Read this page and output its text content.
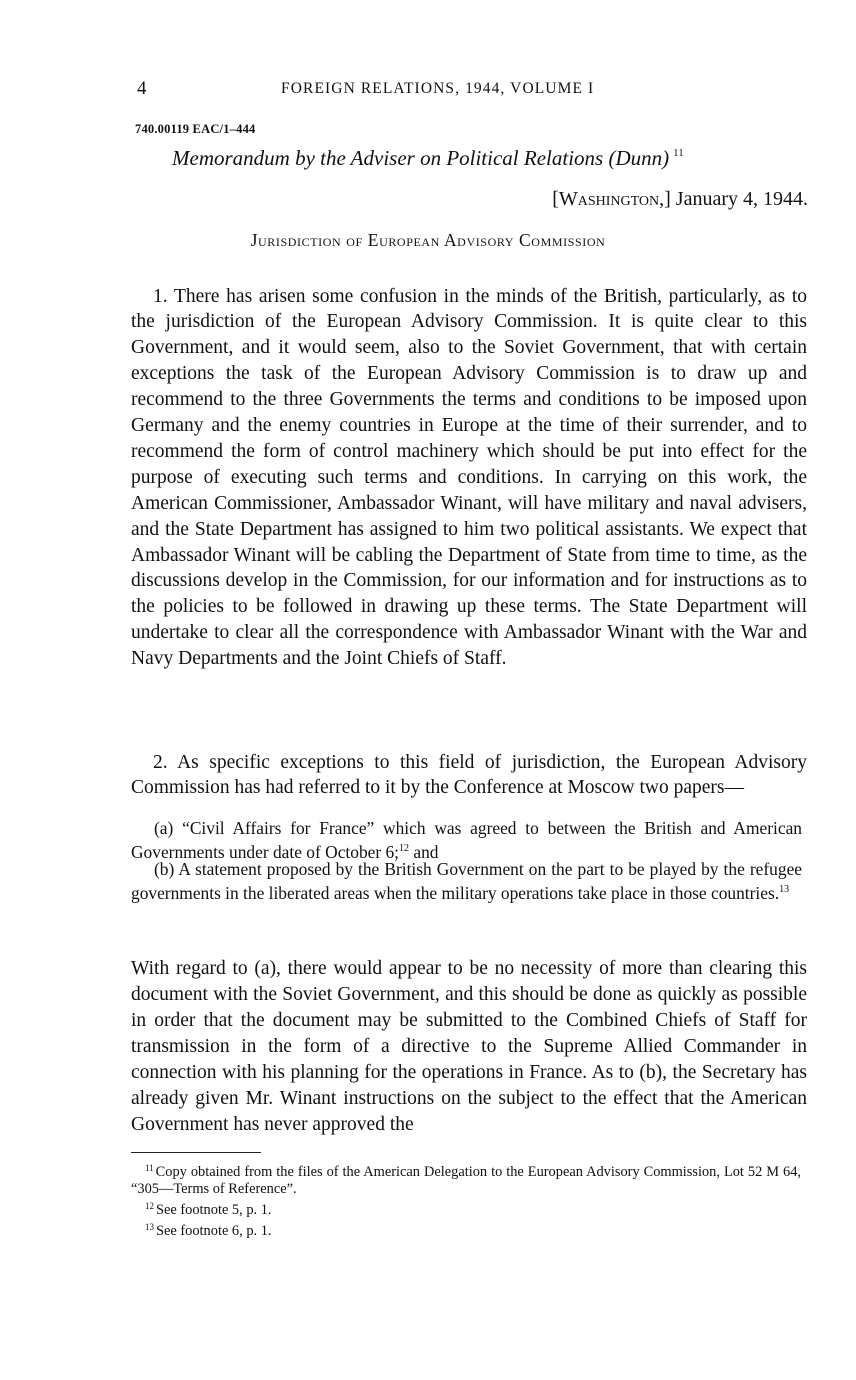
4	FOREIGN RELATIONS, 1944, VOLUME I
740.00119 EAC/1–444
Memorandum by the Adviser on Political Relations (Dunn) $^{11}$
[Washington,] January 4, 1944.
Jurisdiction of European Advisory Commission

1. There has arisen some confusion in the minds of the British, particularly, as to the jurisdiction of the European Advisory Commission. It is quite clear to this Government, and it would seem, also to the Soviet Government, that with certain exceptions the task of the European Advisory Commission is to draw up and recommend to the three Governments the terms and conditions to be imposed upon Germany and the enemy countries in Europe at the time of their surrender, and to recommend the form of control machinery which should be put into effect for the purpose of executing such terms and conditions. In carrying on this work, the American Commissioner, Ambassador Winant, will have military and naval advisers, and the State Department has assigned to him two political assistants. We expect that Ambassador Winant will be cabling the Department of State from time to time, as the discussions develop in the Commission, for our information and for instructions as to the policies to be followed in drawing up these terms. The State Department will undertake to clear all the correspondence with Ambassador Winant with the War and Navy Departments and the Joint Chiefs of Staff.

2. As specific exceptions to this field of jurisdiction, the European Advisory Commission has had referred to it by the Conference at Moscow two papers—

(a) “Civil Affairs for France” which was agreed to between the British and American Governments under date of October 6;$^{12}$ and
(b) A statement proposed by the British Government on the part to be played by the refugee governments in the liberated areas when the military operations take place in those countries.$^{13}$

With regard to (a), there would appear to be no necessity of more than clearing this document with the Soviet Government, and this should be done as quickly as possible in order that the document may be submitted to the Combined Chiefs of Staff for transmission in the form of a directive to the Supreme Allied Commander in connection with his planning for the operations in France. As to (b), the Secretary has already given Mr. Winant instructions on the subject to the effect that the American Government has never approved the

$^{11}$ Copy obtained from the files of the American Delegation to the European Advisory Commission, Lot 52 M 64, “305—Terms of Reference”.
$^{12}$ See footnote 5, p. 1.
$^{13}$ See footnote 6, p. 1.
